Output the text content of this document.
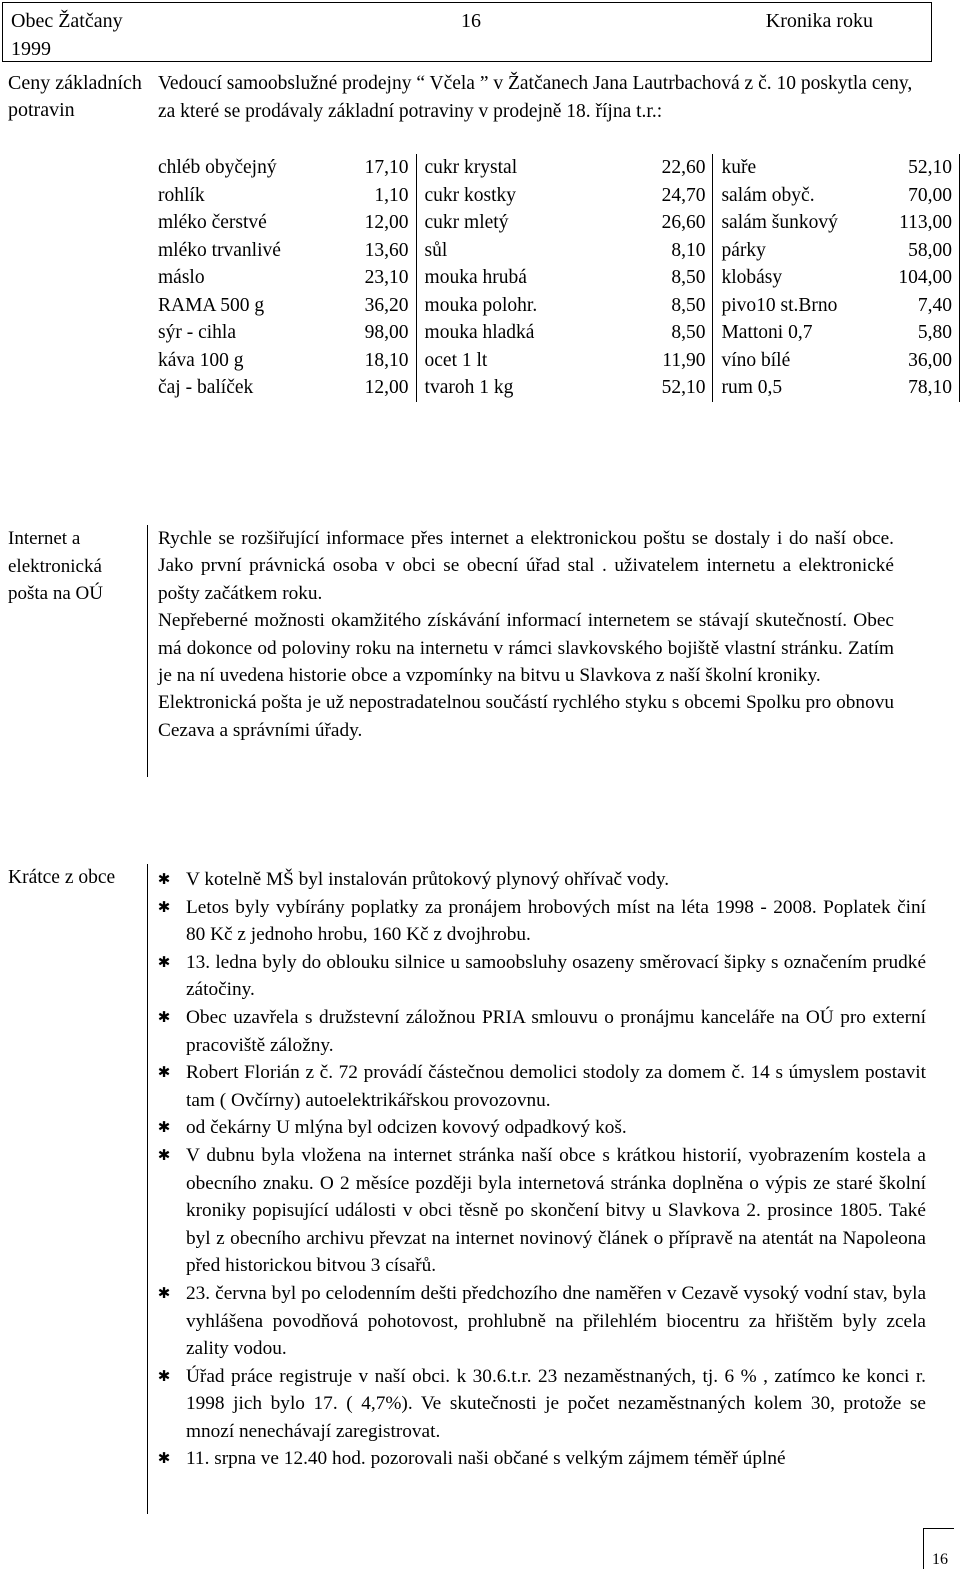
Obec Žatčany 1999
16	Kronika roku
Ceny základních potravin
Vedoucí samoobslužné prodejny “ Včela ” v Žatčanech Jana Lautrbachová z č. 10 poskytla ceny, za které se prodávaly základní potraviny v prodejně 18. října t.r.:
chléb obyčejný	17,10	cukr krystal	22,60	kuře	52,10
rohlík	1,10	cukr kostky	24,70	salám obyč.	70,00
mléko čerstvé	12,00	cukr mletý	26,60	salám šunkový	113,00
mléko trvanlivé	13,60	sůl	8,10	párky	58,00
máslo	23,10	mouka hrubá	8,50	klobásy	104,00
RAMA 500 g	36,20	mouka polohr.	8,50	pivo10 st.Brno	7,40
sýr - cihla	98,00	mouka hladká	8,50	Mattoni 0,7	5,80
káva 100 g	18,10	ocet 1 lt	11,90	víno bílé	36,00
čaj - balíček	12,00	tvaroh 1 kg	52,10	rum 0,5	78,10
Internet a
elektronická
pošta na OÚ

Rychle se rozšiřující informace přes internet a elektronickou poštu se dostaly i do naší obce. Jako první právnická osoba v obci se obecní úřad stal . uživatelem internetu a elektronické pošty začátkem roku.

Nepřeberné možnosti okamžitého získávání informací internetem se stávají skutečností. Obec má dokonce od poloviny roku na internetu v rámci slavkovského bojiště vlastní stránku. Zatím je na ní uvedena historie obce a vzpomínky na bitvu u Slavkova z naší školní kroniky.

Elektronická pošta je už nepostradatelnou součástí rychlého styku s obcemi Spolku pro obnovu Cezava a správními úřady.

Krátce z obce	✱ V kotelně MŠ byl instalován průtokový plynový ohřívač vody.
✱ Letos byly vybírány poplatky za pronájem hrobových míst na léta 1998 - 2008. Poplatek činí 80 Kč z jednoho hrobu, 160 Kč z dvojhrobu.
✱ 13. ledna byly do oblouku silnice u samoobsluhy osazeny směrovací šipky s označením prudké zátočiny.
✱ Obec uzavřela s družstevní záložnou PRIA smlouvu o pronájmu kanceláře na OÚ pro externí pracoviště záložny.
✱ Robert Florián z č. 72 provádí částečnou demolici stodoly za domem č. 14 s úmyslem postavit tam ( Ovčírny) autoelektrikářskou provozovnu.
✱ od čekárny U mlýna byl odcizen kovový odpadkový koš.
✱ V dubnu byla vložena na internet stránka naší obce s krátkou historií, vyobrazením kostela a obecního znaku. O 2 měsíce později byla internetová stránka doplněna o výpis ze staré školní kroniky popisující události v obci těsně po skončení bitvy u Slavkova 2. prosince 1805. Také byl z obecního archivu převzat na internet novinový článek o přípravě na atentát na Napoleona před historickou bitvou 3 císařů.
✱ 23. června byl po celodenním dešti předchozího dne naměřen v Cezavě vysoký vodní stav, byla vyhlášena povodňová pohotovost, prohlubně na přilehlém biocentru za hřištěm byly zcela zality vodou.
✱ Úřad práce registruje v naší obci. k 30.6.t.r. 23 nezaměstnaných, tj. 6 % , zatímco ke konci r. 1998 jich bylo 17. ( 4,7%). Ve skutečnosti je počet nezaměstnaných kolem 30, protože se mnozí nenechávají zaregistrovat.
✱ 11. srpna ve 12.40 hod. pozorovali naši občané s velkým zájmem téměř úplné
16
